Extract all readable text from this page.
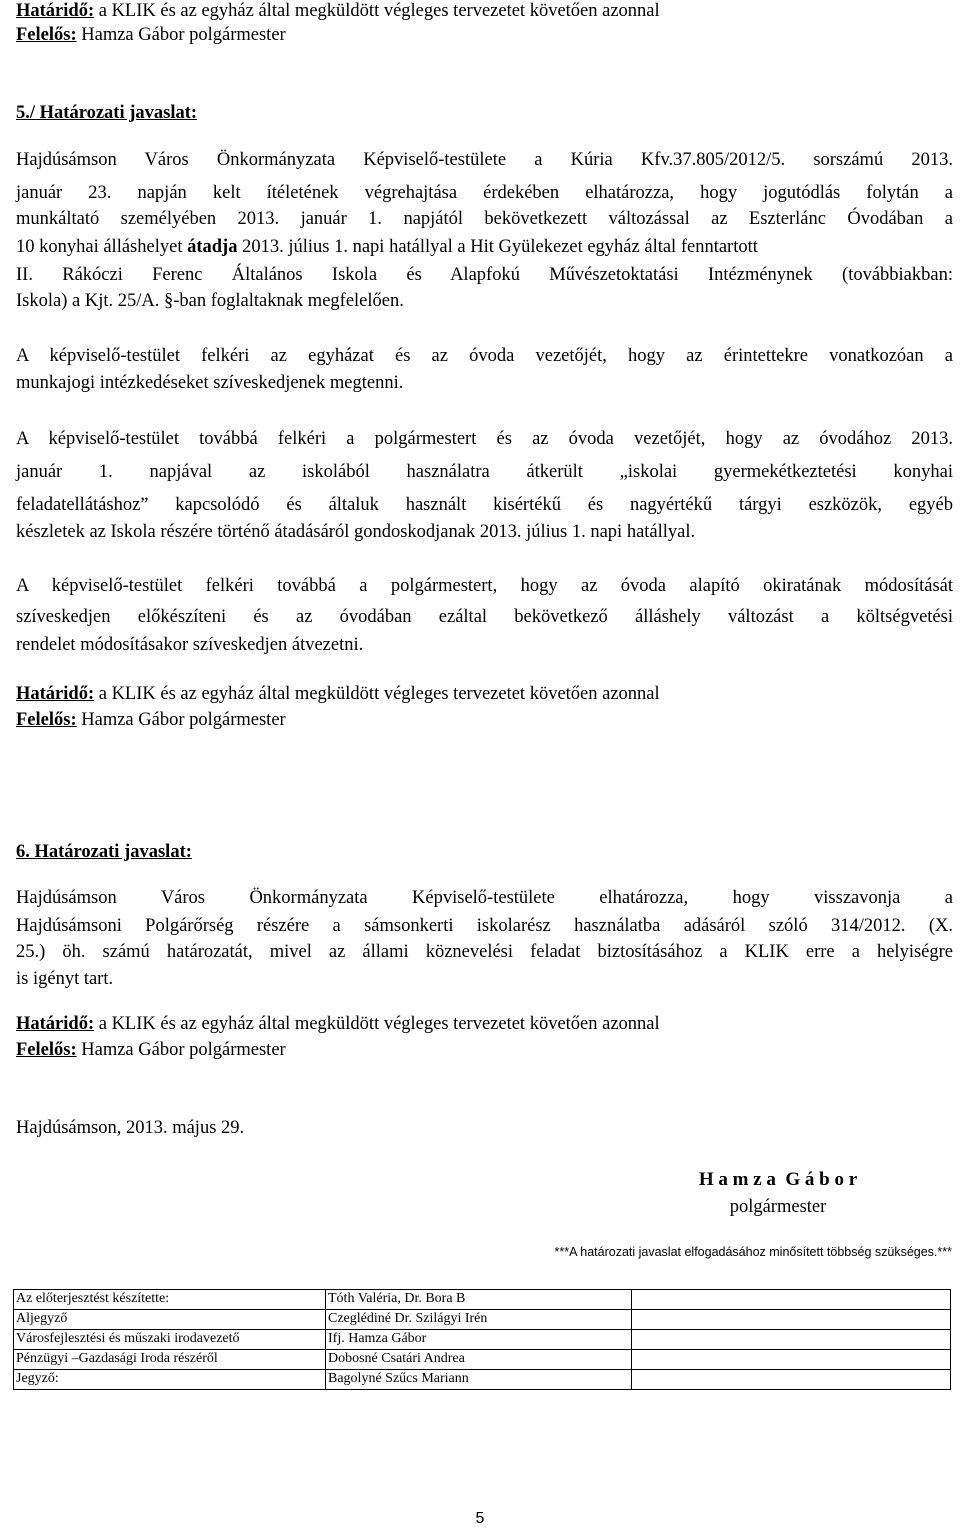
Határidő: a KLIK és az egyház által megküldött végleges tervezetet követően azonnal
Felelős: Hamza Gábor polgármester
5./ Határozati javaslat:
Hajdúsámson Város Önkormányzata Képviselő-testülete a Kúria Kfv.37.805/2012/5. sorszámú 2013.
január 23. napján kelt ítéletének végrehajtása érdekében elhatározza, hogy jogutódlás folytán a
munkáltató személyében 2013. január 1. napjától bekövetkezett változással az Eszterlánc Óvodában a
10 konyhai álláshelyet átadja 2013. július 1. napi hatállyal a Hit Gyülekezet egyház által fenntartott
II. Rákóczi Ferenc Általános Iskola és Alapfokú Művészetoktatási Intézménynek (továbbiakban:
Iskola) a Kjt. 25/A. §-ban foglaltaknak megfelelően.
A képviselő-testület felkéri az egyházat és az óvoda vezetőjét, hogy az érintettekre vonatkozóan a
munkajogi intézkedéseket szíveskedjenek megtenni.
A képviselő-testület továbbá felkéri a polgármestert és az óvoda vezetőjét, hogy az óvodához 2013.
január 1. napjával az iskolából használatra átkerült „iskolai gyermekétkeztetési konyhai
feladatellátáshoz” kapcsolódó és általuk használt kisértékű és nagyértékű tárgyi eszközök, egyéb
készletek az Iskola részére történő átadásáról gondoskodjanak 2013. július 1. napi hatállyal.
A képviselő-testület felkéri továbbá a polgármestert, hogy az óvoda alapító okiratának módosítását
szíveskedjen előkészíteni és az óvodában ezáltal bekövetkező álláshely változást a költségvetési
rendelet módosításakor szíveskedjen átvezetni.
Határidő: a KLIK és az egyház által megküldött végleges tervezetet követően azonnal
Felelős: Hamza Gábor polgármester
6. Határozati javaslat:
Hajdúsámson Város Önkormányzata Képviselő-testülete elhatározza, hogy visszavonja a
Hajdúsámsoni Polgárőrség részére a sámsonkerti iskolarész használatba adásáról szóló 314/2012. (X.
25.) öh. számú határozatát, mivel az állami köznevelési feladat biztosításához a KLIK erre a helyiségre
is igényt tart.
Határidő: a KLIK és az egyház által megküldött végleges tervezetet követően azonnal
Felelős: Hamza Gábor polgármester
Hajdúsámson, 2013. május 29.
H a m z a  G á b o r
polgármester
***A határozati javaslat elfogadásához minősített többség szükséges.***
Az előterjesztést készítette:	Tóth Valéria, Dr. Bora B	
Aljegyző	Czeglédiné Dr. Szilágyi Irén	
Városfejlesztési és műszaki irodavezető	Ifj. Hamza Gábor	
Pénzügyi –Gazdasági Iroda részéről	Dobosné Csatári Andrea	
Jegyző:	Bagolyné Szűcs Mariann	
5
